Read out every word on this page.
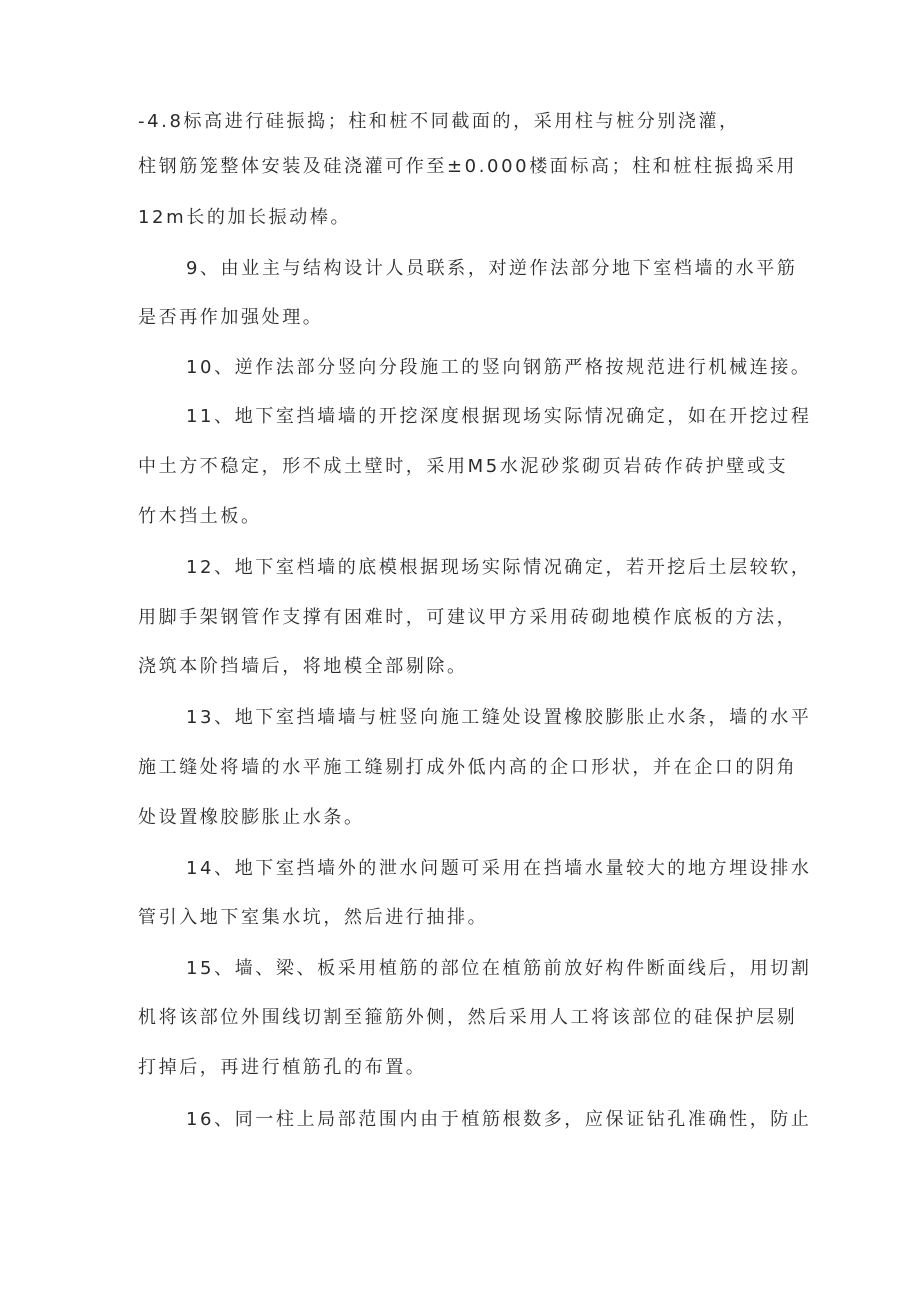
-4.8标高进行硅振捣；柱和桩不同截面的，采用柱与桩分别浇灌，
柱钢筋笼整体安装及硅浇灌可作至±0.000楼面标高；柱和桩柱振捣采用
12m长的加长振动棒。
9、由业主与结构设计人员联系，对逆作法部分地下室档墙的水平筋
是否再作加强处理。
10、逆作法部分竖向分段施工的竖向钢筋严格按规范进行机械连接。
11、地下室挡墙墙的开挖深度根据现场实际情况确定，如在开挖过程
中土方不稳定，形不成土壁时，采用M5水泥砂浆砌页岩砖作砖护壁或支
竹木挡土板。
12、地下室档墙的底模根据现场实际情况确定，若开挖后土层较软，
用脚手架钢管作支撑有困难时，可建议甲方采用砖砌地模作底板的方法，
浇筑本阶挡墙后，将地模全部剔除。
13、地下室挡墙墙与桩竖向施工缝处设置橡胶膨胀止水条，墙的水平
施工缝处将墙的水平施工缝剔打成外低内高的企口形状，并在企口的阴角
处设置橡胶膨胀止水条。
14、地下室挡墙外的泄水问题可采用在挡墙水量较大的地方埋设排水
管引入地下室集水坑，然后进行抽排。
15、墙、梁、板采用植筋的部位在植筋前放好构件断面线后，用切割
机将该部位外围线切割至箍筋外侧，然后采用人工将该部位的硅保护层剔
打掉后，再进行植筋孔的布置。
16、同一柱上局部范围内由于植筋根数多，应保证钻孔准确性，防止
